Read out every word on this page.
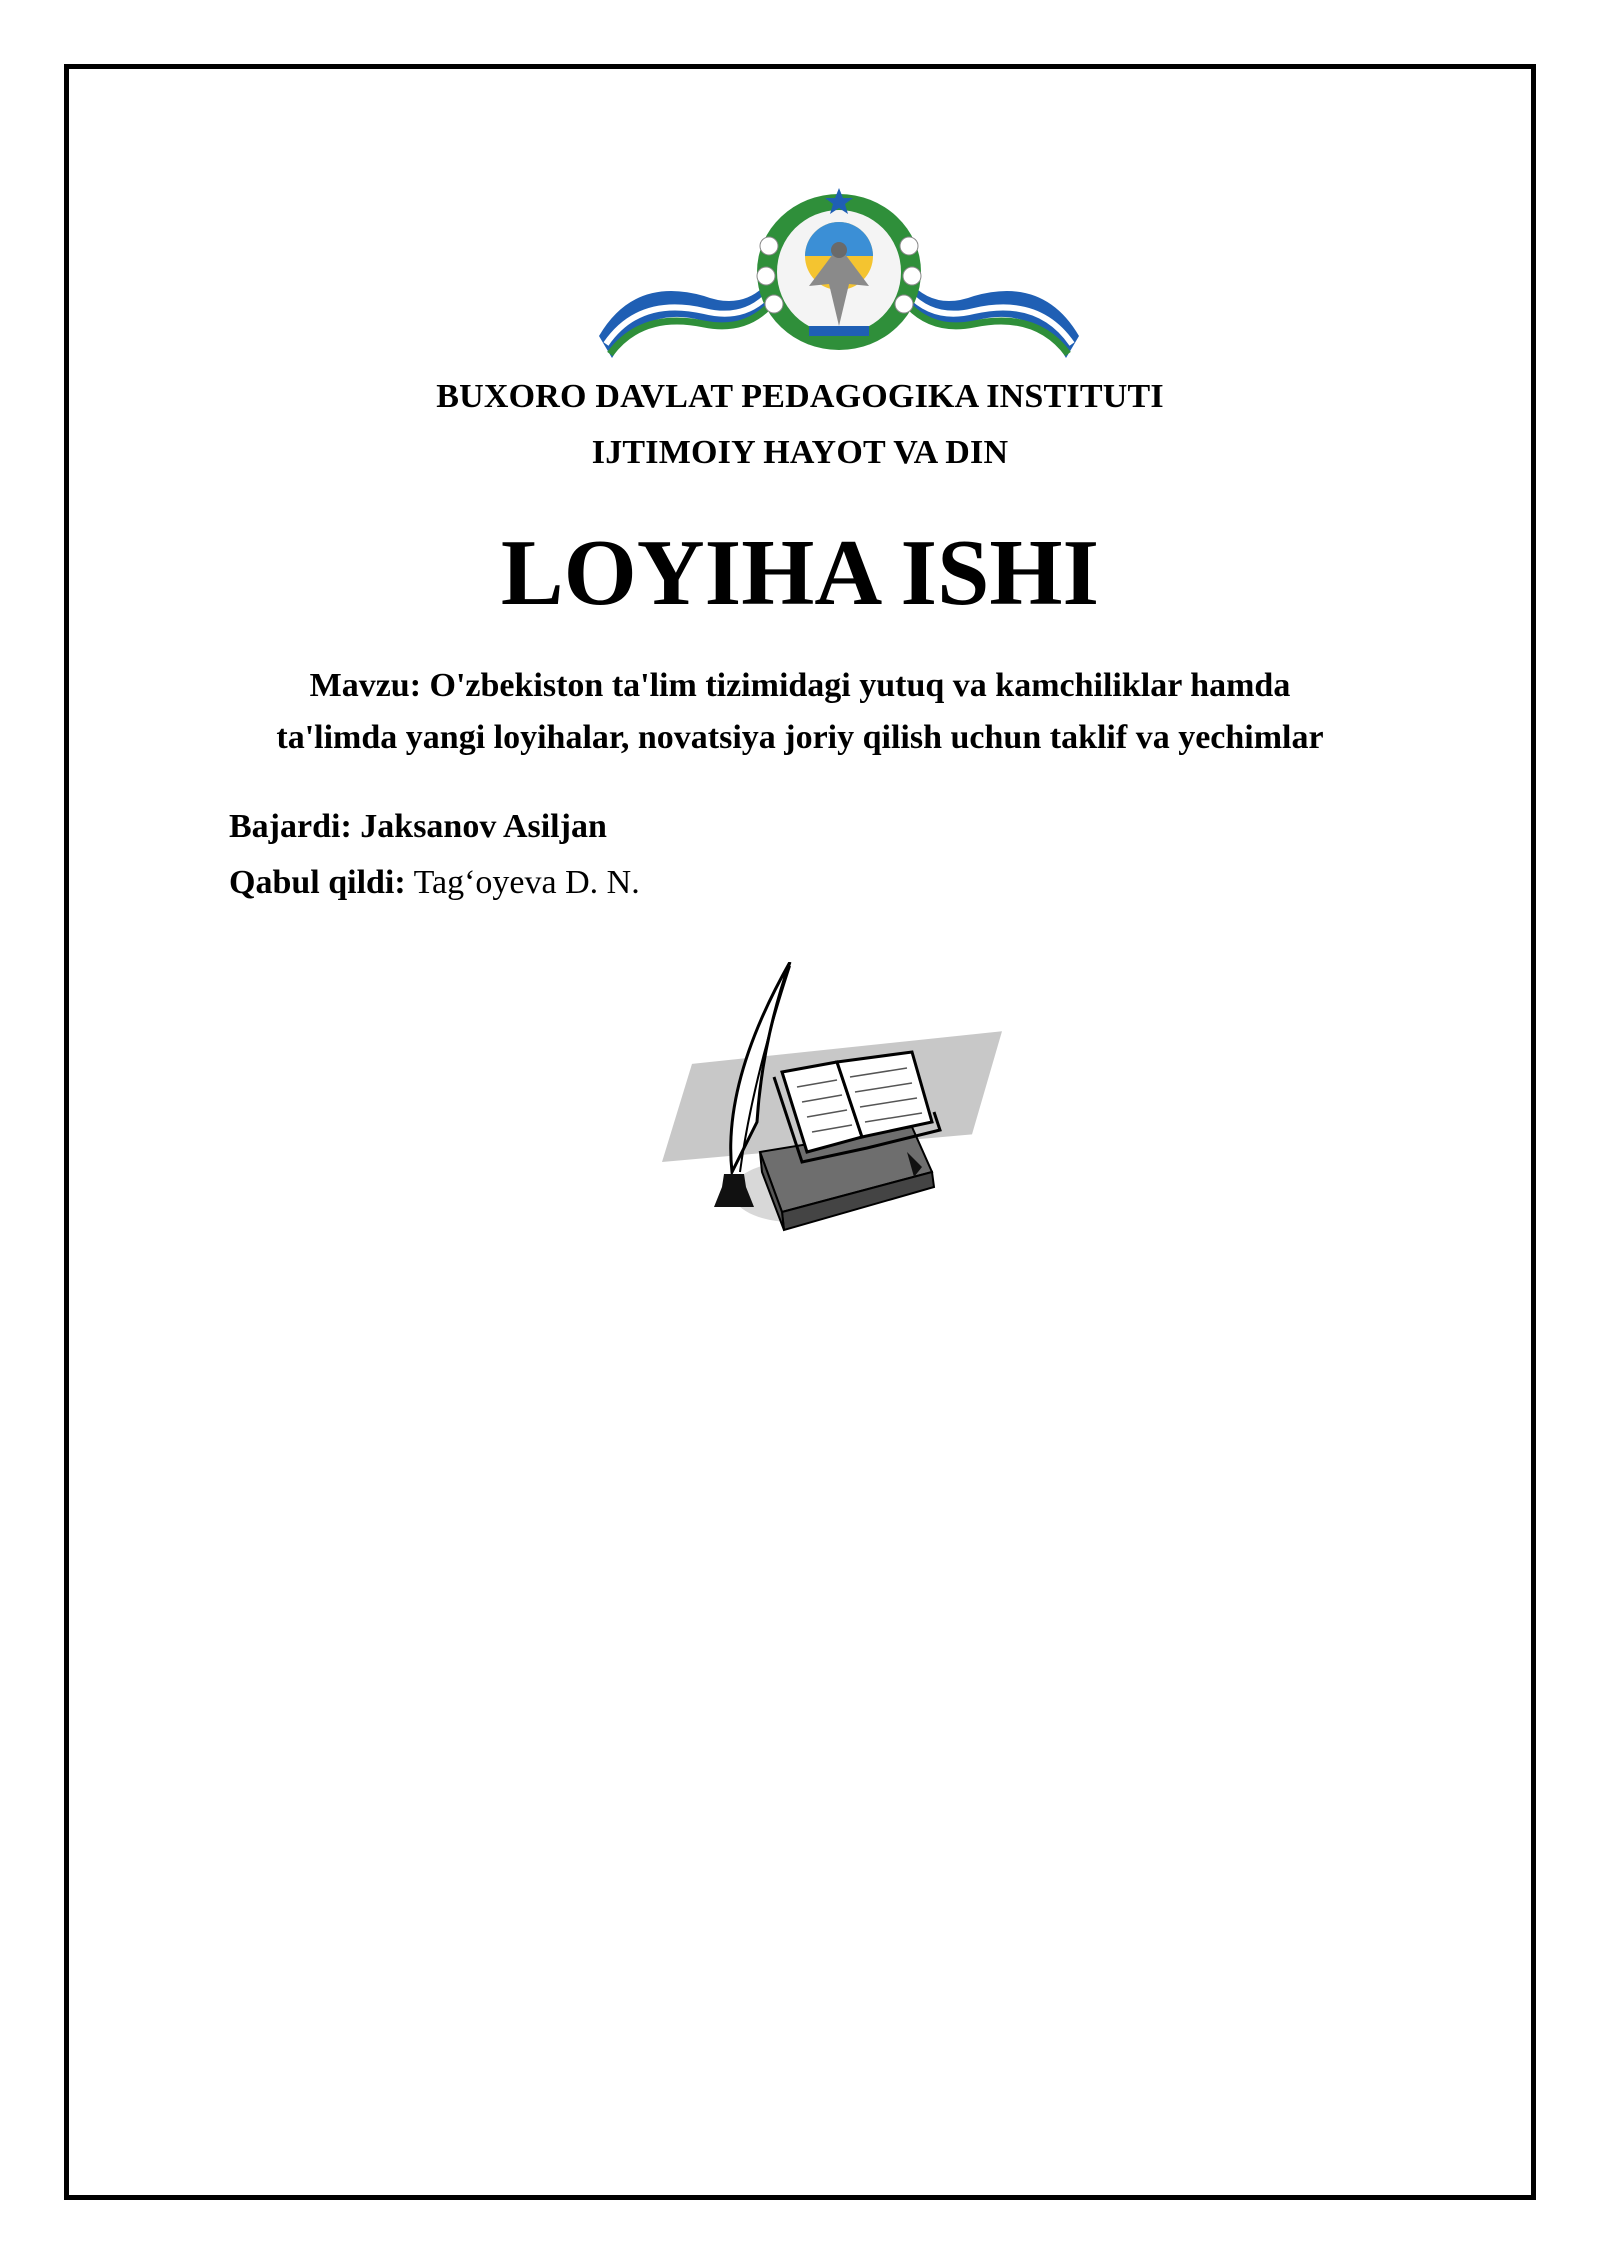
BUXORO DAVLAT PEDAGOGIKA INSTITUTI
IJTIMOIY HAYOT VA DIN
LOYIHA ISHI
Mavzu: O'zbekiston ta'lim tizimidagi yutuq va kamchiliklar hamda
ta'limda yangi loyihalar, novatsiya joriy qilish uchun taklif va yechimlar
Bajardi: Jaksanov Asiljan
Qabul qildi: Tag‘oyeva D. N.
